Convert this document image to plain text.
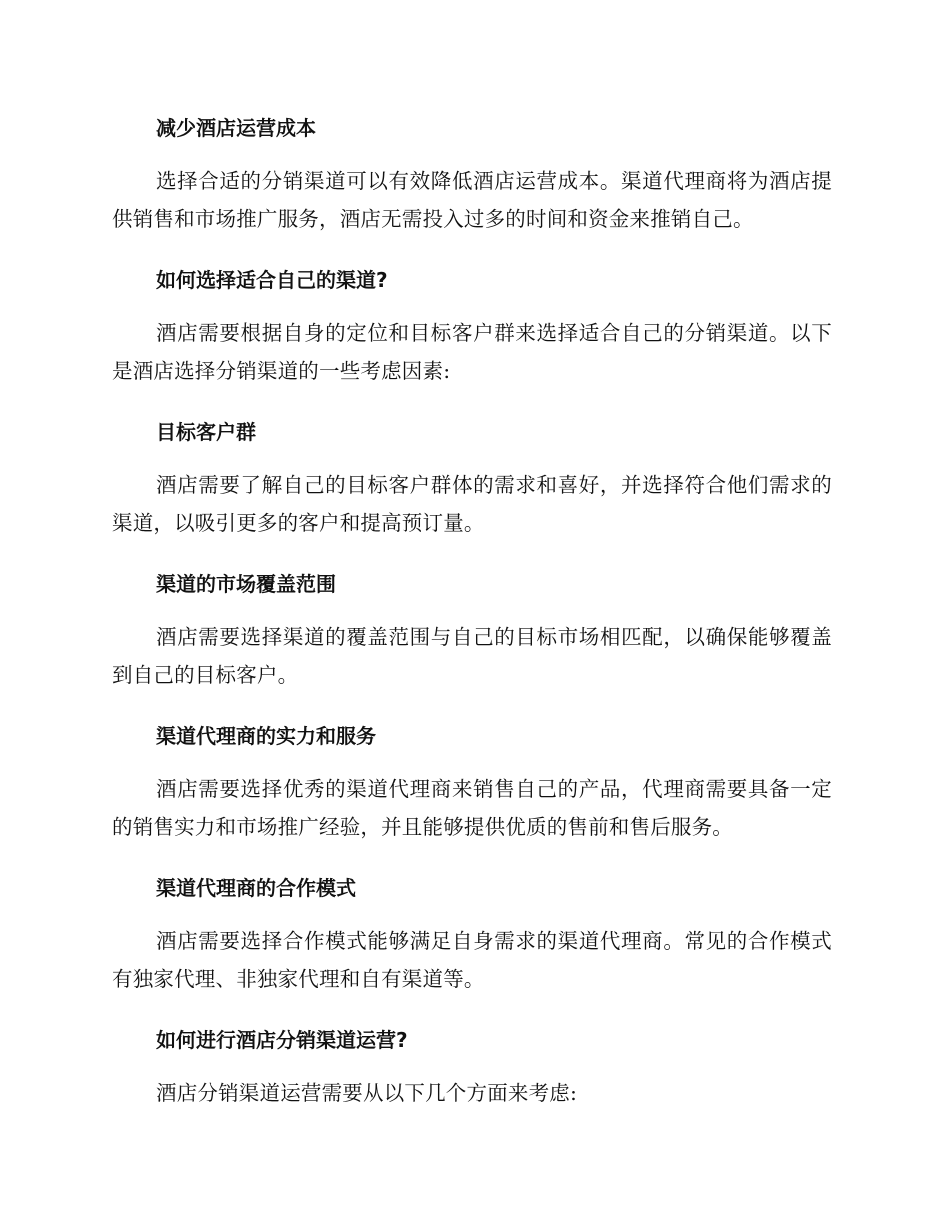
减少酒店运营成本

选择合适的分销渠道可以有效降低酒店运营成本。渠道代理商将为酒店提供销售和市场推广服务，酒店无需投入过多的时间和资金来推销自己。

如何选择适合自己的渠道?

酒店需要根据自身的定位和目标客户群来选择适合自己的分销渠道。以下是酒店选择分销渠道的一些考虑因素:

目标客户群

酒店需要了解自己的目标客户群体的需求和喜好，并选择符合他们需求的渠道，以吸引更多的客户和提高预订量。

渠道的市场覆盖范围

酒店需要选择渠道的覆盖范围与自己的目标市场相匹配，以确保能够覆盖到自己的目标客户。

渠道代理商的实力和服务

酒店需要选择优秀的渠道代理商来销售自己的产品，代理商需要具备一定的销售实力和市场推广经验，并且能够提供优质的售前和售后服务。

渠道代理商的合作模式

酒店需要选择合作模式能够满足自身需求的渠道代理商。常见的合作模式有独家代理、非独家代理和自有渠道等。

如何进行酒店分销渠道运营?

酒店分销渠道运营需要从以下几个方面来考虑:
